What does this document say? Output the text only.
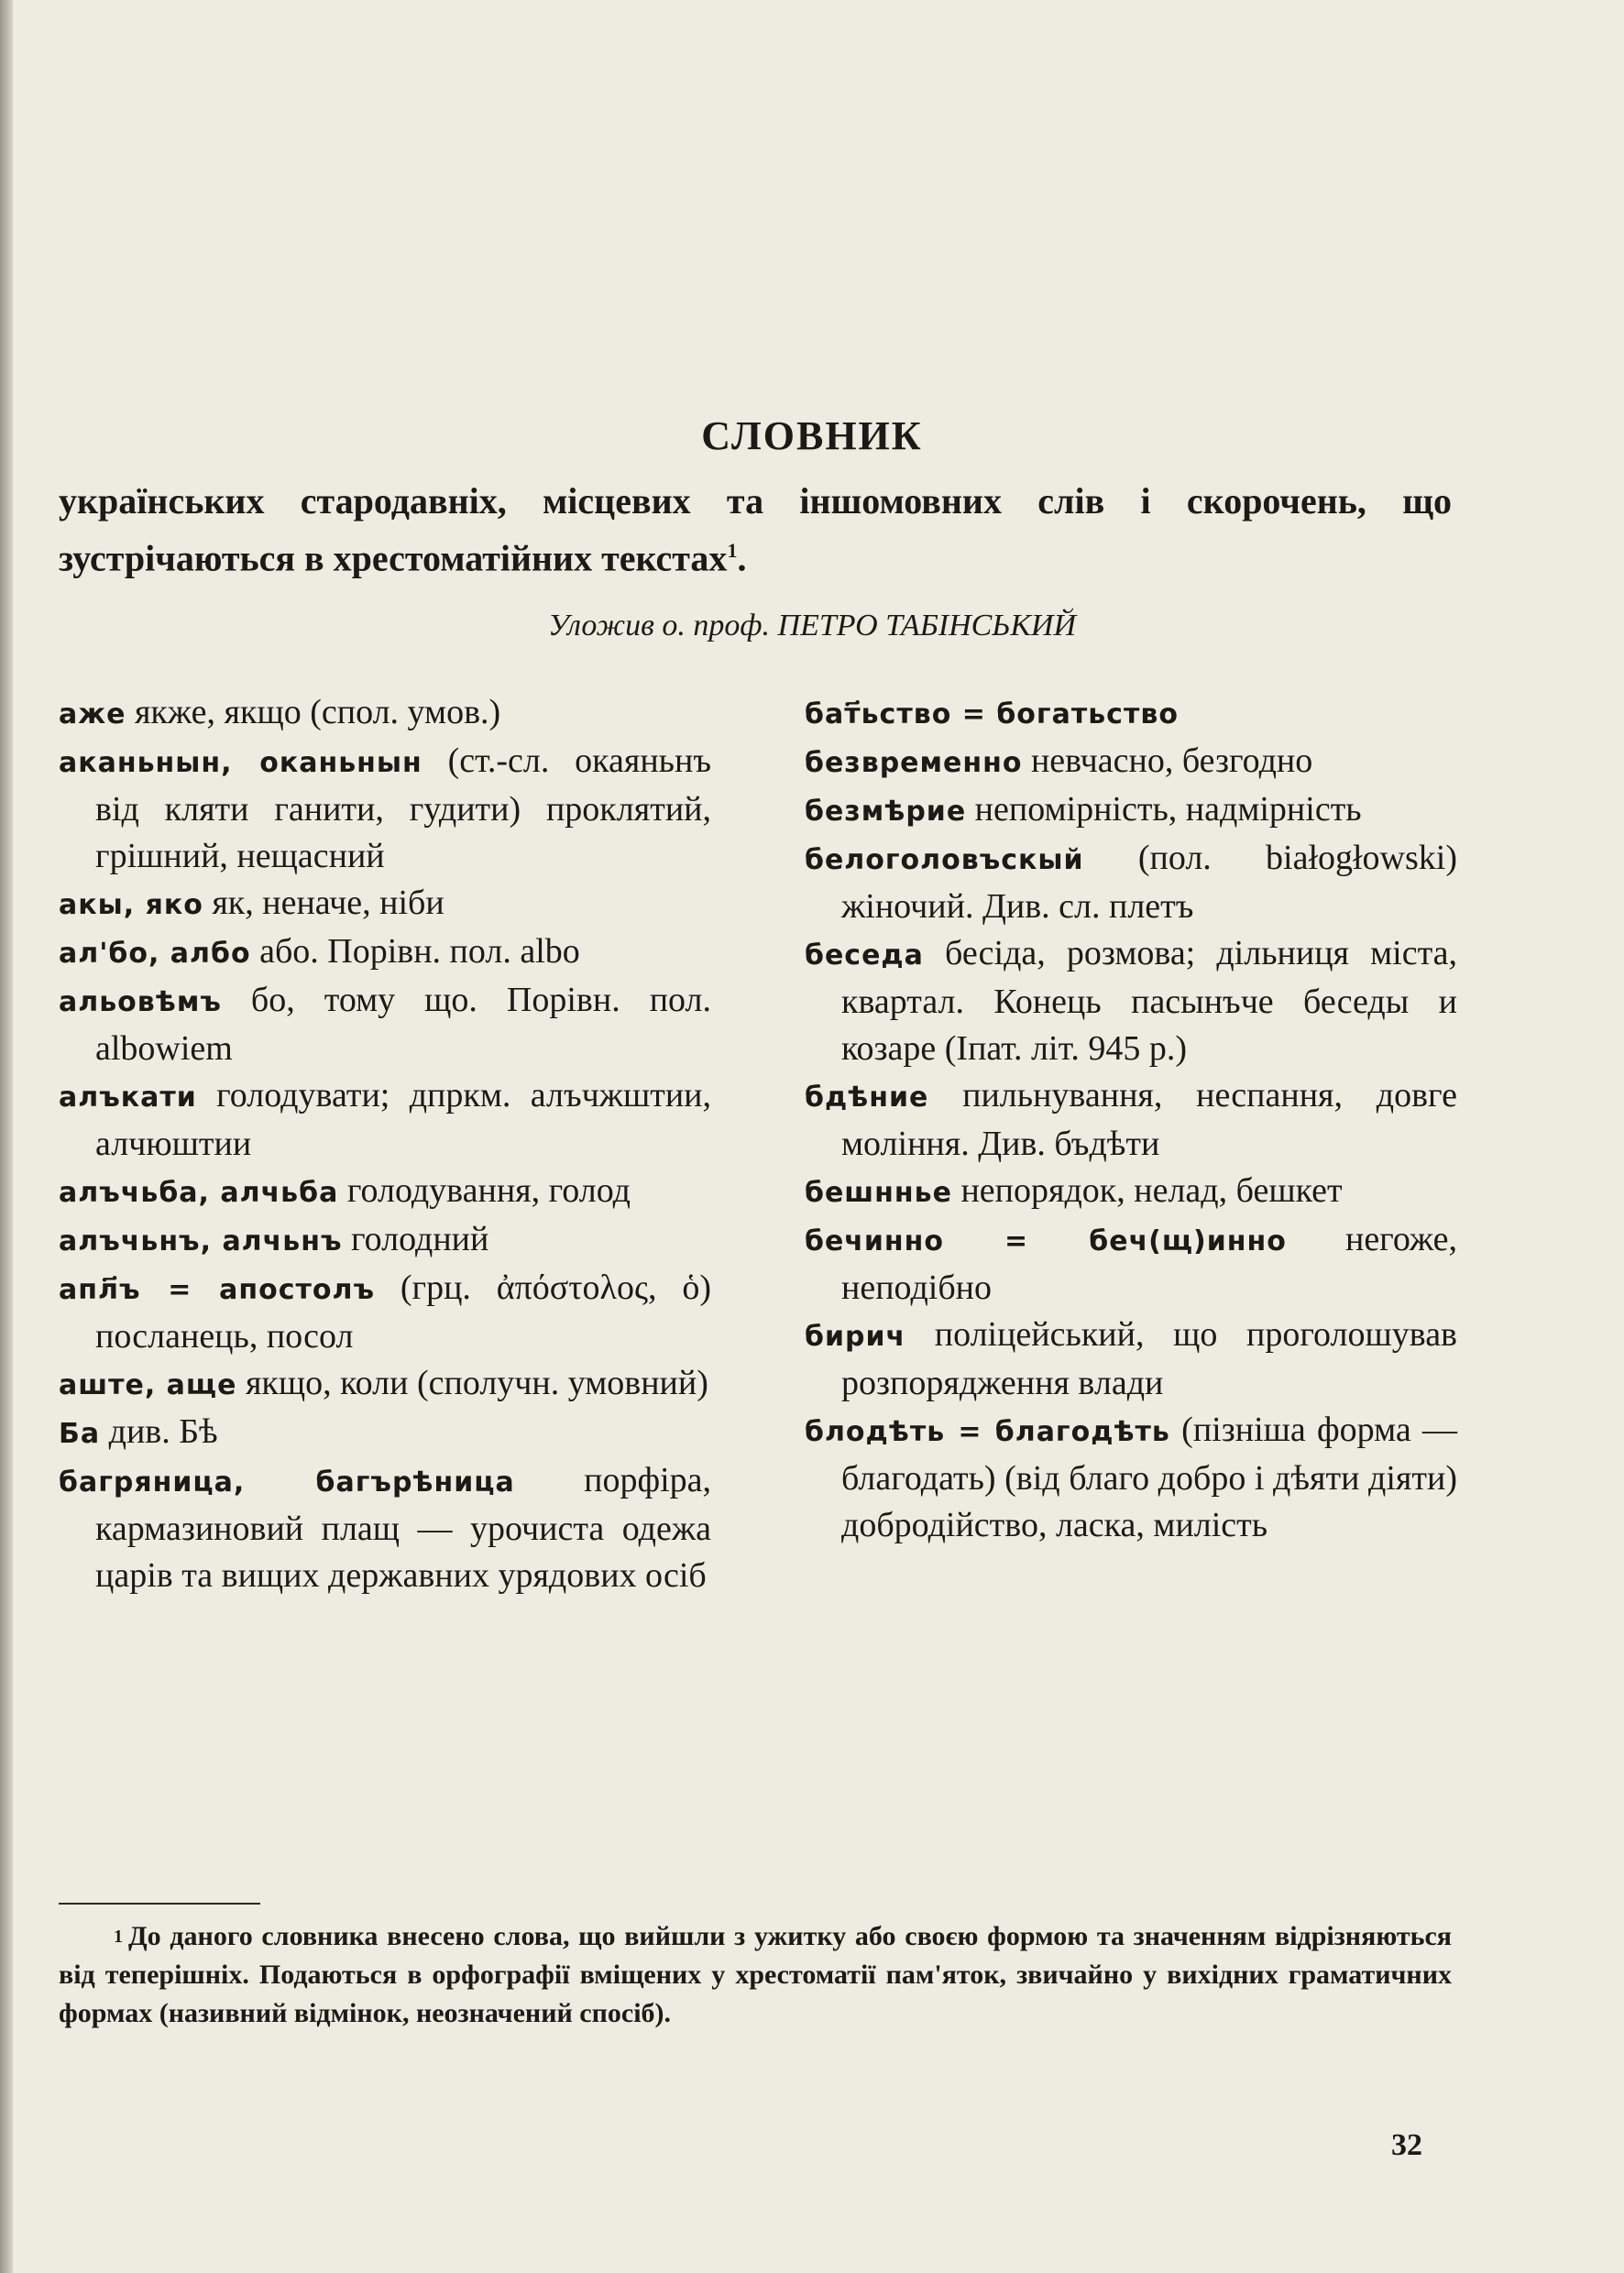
СЛОВНИК
українських стародавніх, місцевих та іншомовних слів і скорочень, що зустрічаються в хрестоматійних текстах$^1$.
Уложив о. проф. ПЕТРО ТАБІНСЬКИЙ
аже якже, якщо (спол. умов.)
аканьнын, оканьнын (ст.-сл. окаяньнъ від кляти ганити, гудити) проклятий, грішний, нещасний
акы, яко як, неначе, ніби
ал'бо, албо або. Порівн. пол. albo
альовѣмъ бо, тому що. Порівн. пол. albowiem
алъкати голодувати; дпркм. алъчжштии, алчюштии
алъчьба, алчьба голодування, голод
алъчьнъ, алчьнъ голодний
апл҃ъ = апостолъ (грц. ἀπόστολος, ὁ) посланець, посол
аште, аще якщо, коли (сполучн. умовний)
Ба див. Бѣ
багряница, багърѣница порфіра, кармазиновий плащ — урочиста одежа царів та вищих державних урядових осіб
бат҃ьство = богатьство
безвременно невчасно, безгодно
безмѣрие непомірність, надмірність
белоголовъскый (пол. białogłowski) жіночий. Див. сл. плетъ
беседа бесіда, розмова; дільниця міста, квартал. Конець пасынъче беседы и козаре (Іпат. літ. 945 р.)
бдѣние пильнування, неспання, довге моління. Див. бъдѣти
бешннье непорядок, нелад, бешкет
бечинно = беч(щ)инно негоже, неподібно
бирич поліцейський, що проголошував розпорядження влади
блодѣть = благодѣть (пізніша форма — благодать) (від благо добро і дѣяти діяти) добродійство, ласка, милість
$^1$ До даного словника внесено слова, що вийшли з ужитку або своєю формою та значенням відрізняються від теперішніх. Подаються в орфографії вміщених у хрестоматії пам'яток, звичайно у вихідних граматичних формах (називний відмінок, неозначений спосіб).
32
